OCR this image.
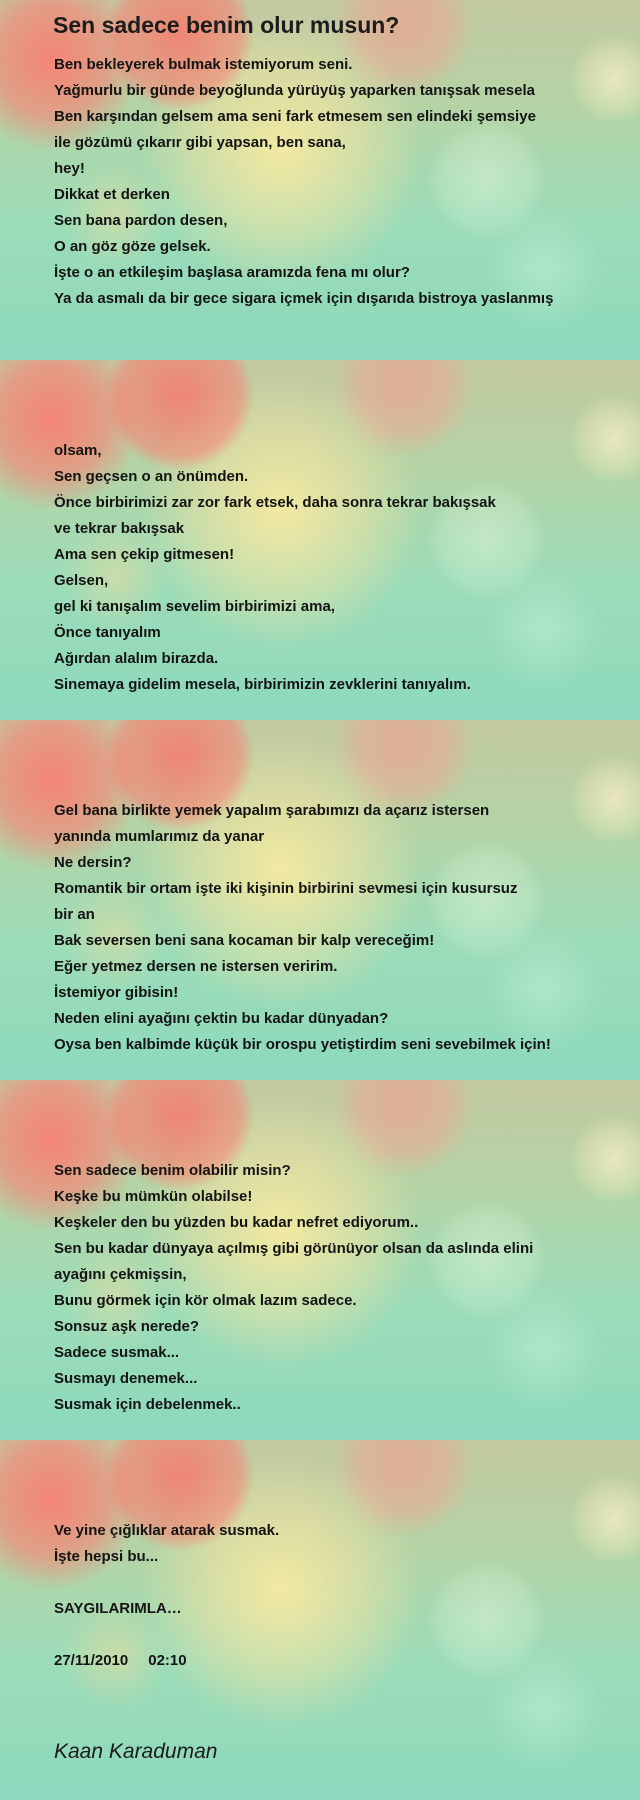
Sen sadece benim olur musun?
Ben bekleyerek bulmak istemiyorum seni.
Yağmurlu bir günde beyoğlunda yürüyüş yaparken tanışsak mesela
Ben karşından gelsem ama seni fark etmesem sen elindeki şemsiye
ile gözümü çıkarır gibi yapsan, ben sana,
hey!
Dikkat et derken
Sen bana pardon desen,
O an göz göze gelsek.
İşte o an etkileşim başlasa aramızda fena mı olur?
Ya da asmalı da bir gece sigara içmek için dışarıda bistroya yaslanmış
olsam,
Sen geçsen o an önümden.
Önce birbirimizi zar zor fark etsek, daha sonra tekrar bakışsak
ve tekrar bakışsak
Ama sen çekip gitmesen!
Gelsen,
gel ki tanışalım sevelim birbirimizi ama,
Önce tanıyalım
Ağırdan alalım birazda.
Sinemaya gidelim mesela, birbirimizin zevklerini tanıyalım.
Gel bana birlikte yemek yapalım şarabımızı da açarız istersen
yanında mumlarımız da yanar
Ne dersin?
Romantik bir ortam işte iki kişinin birbirini sevmesi için kusursuz
bir an
Bak seversen beni sana kocaman bir kalp vereceğim!
Eğer yetmez dersen ne istersen veririm.
İstemiyor gibisin!
Neden elini ayağını çektin bu kadar dünyadan?
Oysa ben kalbimde küçük bir orospu yetiştirdim seni sevebilmek için!
Sen sadece benim olabilir misin?
Keşke bu mümkün olabilse!
Keşkeler den bu yüzden bu kadar nefret ediyorum..
Sen bu kadar dünyaya açılmış gibi görünüyor olsan da aslında elini
ayağını çekmişsin,
Bunu görmek için kör olmak lazım sadece.
Sonsuz aşk nerede?
Sadece susmak...
Susmayı denemek...
Susmak için debelenmek..
Ve yine çığlıklar atarak susmak.
İşte hepsi bu...
SAYGILARIMLA…
27/11/2010 02:10
Kaan Karaduman
